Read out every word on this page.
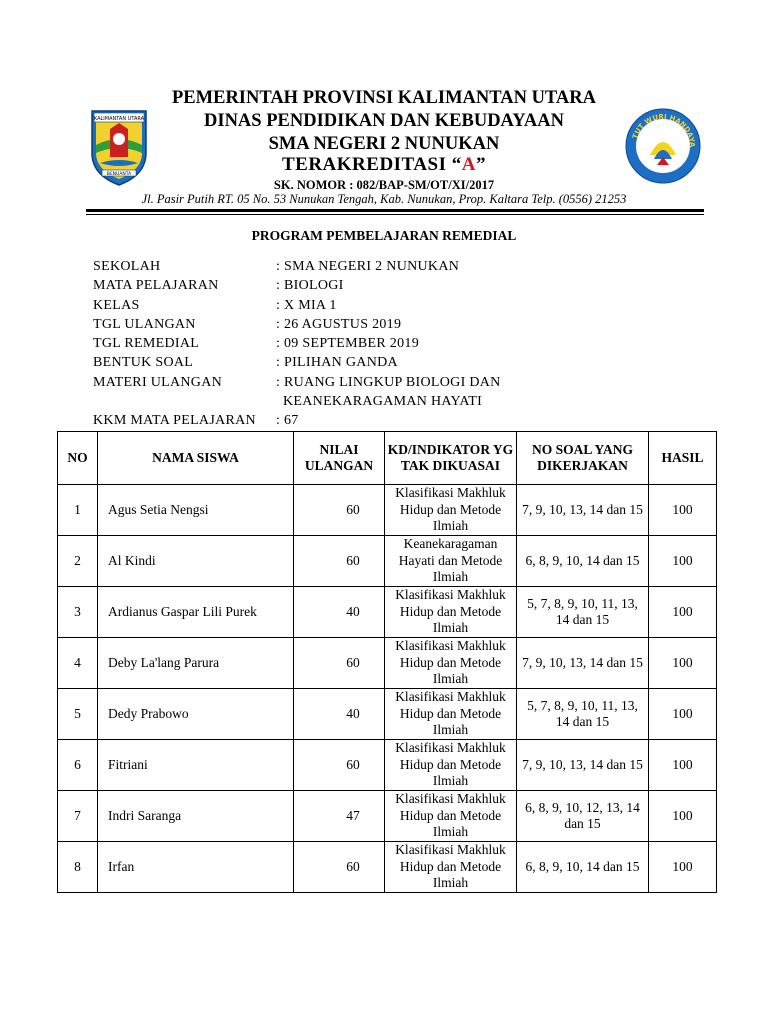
KALIMANTAN UTARA
BENUANTA
TUT WURI HANDAYA
PEMERINTAH PROVINSI KALIMANTAN UTARA
DINAS PENDIDIKAN DAN KEBUDAYAAN
SMA NEGERI 2 NUNUKAN
TERAKREDITASI “A”
SK. NOMOR : 082/BAP-SM/OT/XI/2017
Jl. Pasir Putih RT. 05 No. 53 Nunukan Tengah, Kab. Nunukan, Prop. Kaltara Telp. (0556) 21253
PROGRAM PEMBELAJARAN REMEDIAL
SEKOLAH	: SMA NEGERI 2 NUNUKAN
MATA PELAJARAN	: BIOLOGI
KELAS	: X MIA 1
TGL ULANGAN	: 26 AGUSTUS 2019
TGL REMEDIAL	: 09 SEPTEMBER 2019
BENTUK SOAL	: PILIHAN GANDA
MATERI ULANGAN	: RUANG LINGKUP BIOLOGI DAN
KEANEKARAGAMAN HAYATI
KKM MATA PELAJARAN	: 67
NO	NAMA SISWA	NILAI ULANGAN	KD/INDIKATOR YG TAK DIKUASAI	NO SOAL YANG DIKERJAKAN	HASIL
1	Agus Setia Nengsi	60	Klasifikasi Makhluk Hidup dan Metode Ilmiah	7, 9, 10, 13, 14 dan 15	100
2	Al Kindi	60	Keanekaragaman Hayati dan Metode Ilmiah	6, 8, 9, 10, 14 dan 15	100
3	Ardianus Gaspar Lili Purek	40	Klasifikasi Makhluk Hidup dan Metode Ilmiah	5, 7, 8, 9, 10, 11, 13, 14 dan 15	100
4	Deby La'lang Parura	60	Klasifikasi Makhluk Hidup dan Metode Ilmiah	7, 9, 10, 13, 14 dan 15	100
5	Dedy Prabowo	40	Klasifikasi Makhluk Hidup dan Metode Ilmiah	5, 7, 8, 9, 10, 11, 13, 14 dan 15	100
6	Fitriani	60	Klasifikasi Makhluk Hidup dan Metode Ilmiah	7, 9, 10, 13, 14 dan 15	100
7	Indri Saranga	47	Klasifikasi Makhluk Hidup dan Metode Ilmiah	6, 8, 9, 10, 12, 13, 14 dan 15	100
8	Irfan	60	Klasifikasi Makhluk Hidup dan Metode Ilmiah	6, 8, 9, 10, 14 dan 15	100
